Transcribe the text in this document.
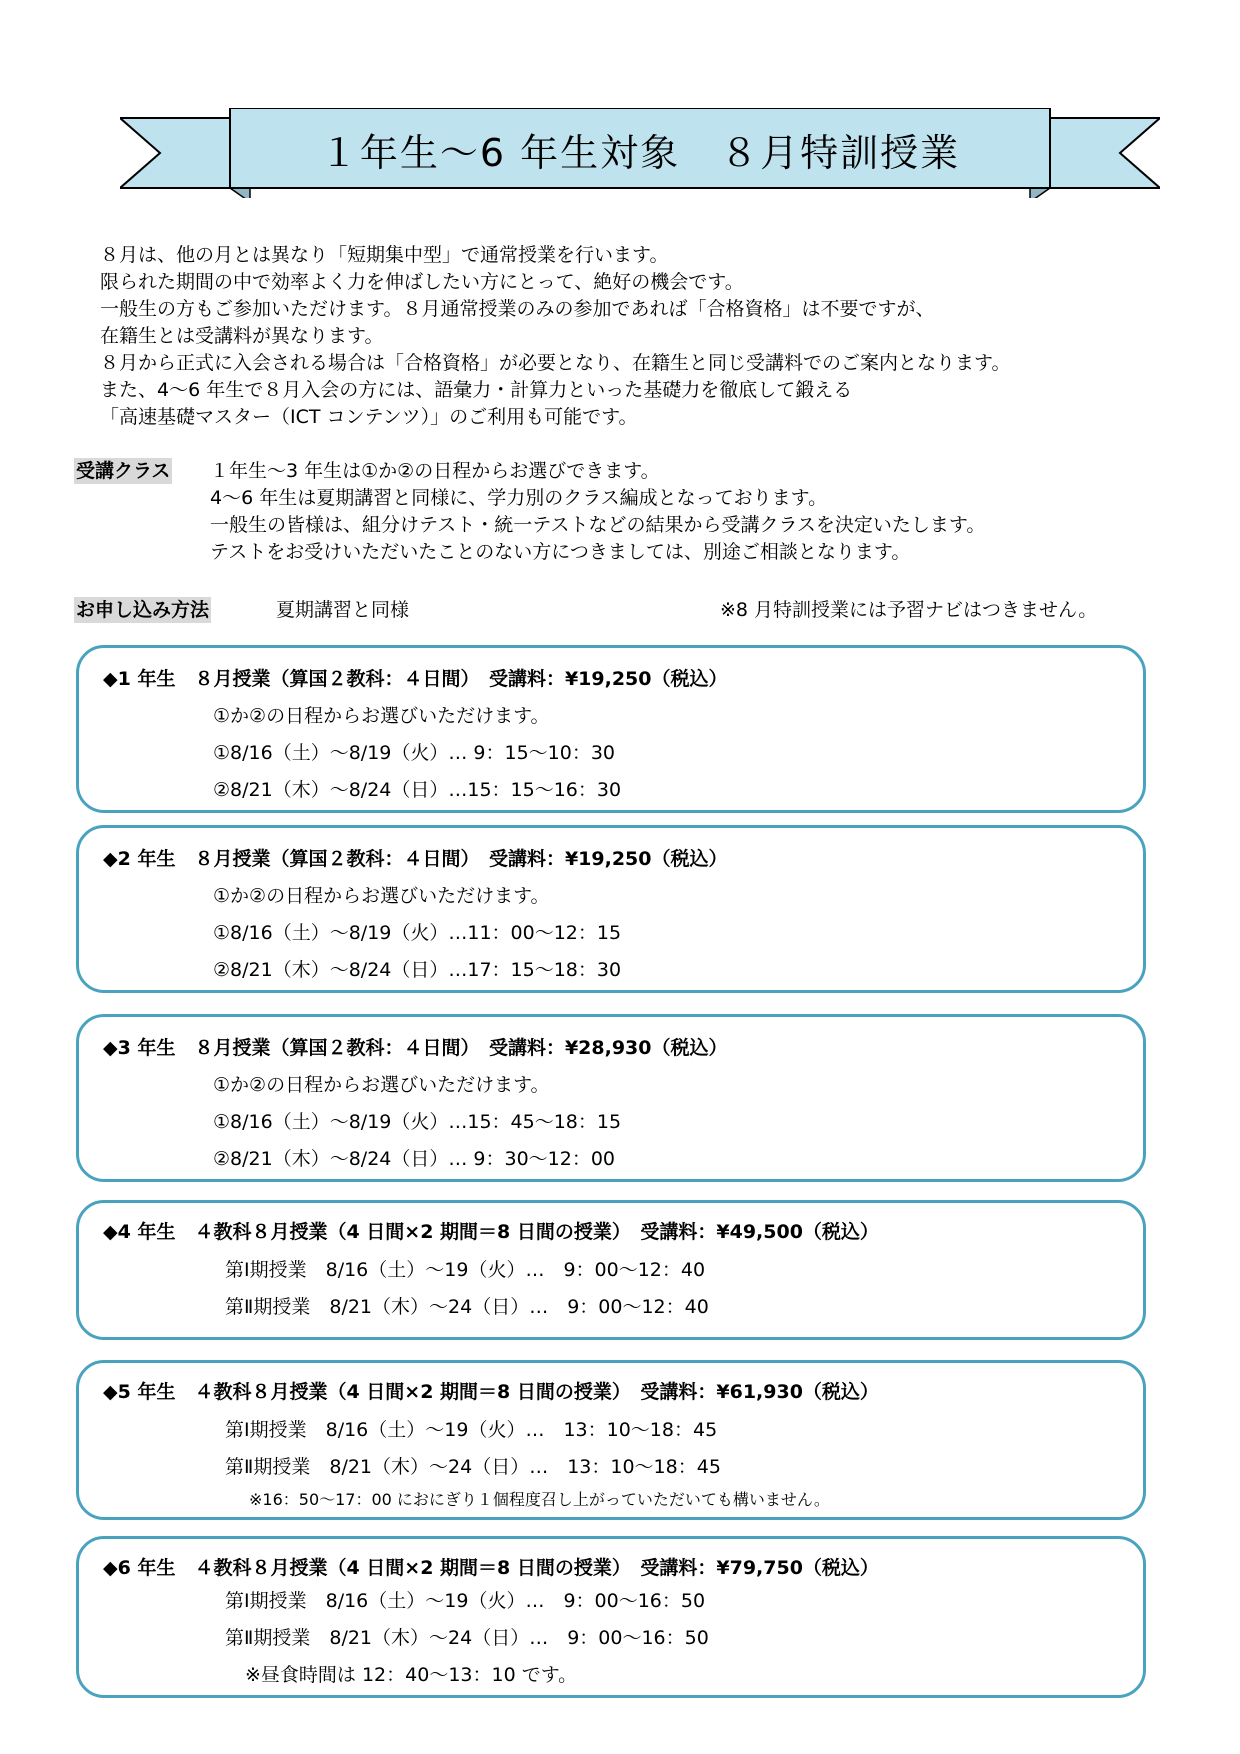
１年生～6 年生対象　８月特訓授業
８月は、他の月とは異なり「短期集中型」で通常授業を行います。
限られた期間の中で効率よく力を伸ばしたい方にとって、絶好の機会です。
一般生の方もご参加いただけます。８月通常授業のみの参加であれば「合格資格」は不要ですが、
在籍生とは受講料が異なります。
８月から正式に入会される場合は「合格資格」が必要となり、在籍生と同じ受講料でのご案内となります。
また、4～6 年生で８月入会の方には、語彙力・計算力といった基礎力を徹底して鍛える
「高速基礎マスター（ICT コンテンツ）」のご利用も可能です。
受講クラス １年生～3 年生は①か②の日程からお選びできます。
4～6 年生は夏期講習と同様に、学力別のクラス編成となっております。
一般生の皆様は、組分けテスト・統一テストなどの結果から受講クラスを決定いたします。
テストをお受けいただいたことのない方につきましては、別途ご相談となります。
お申し込み方法	夏期講習と同様	※8 月特訓授業には予習ナビはつきません。
◆1 年生　８月授業（算国２教科：４日間）　受講料：¥19,250（税込）
①か②の日程からお選びいただけます。
①8/16（土）～8/19（火）… 9：15～10：30
②8/21（木）～8/24（日）…15：15～16：30
◆2 年生　８月授業（算国２教科：４日間）　受講料：¥19,250（税込）
①か②の日程からお選びいただけます。
①8/16（土）～8/19（火）…11：00～12：15
②8/21（木）～8/24（日）…17：15～18：30
◆3 年生　８月授業（算国２教科：４日間）　受講料：¥28,930（税込）
①か②の日程からお選びいただけます。
①8/16（土）～8/19（火）…15：45～18：15
②8/21（木）～8/24（日）… 9：30～12：00
◆4 年生　４教科８月授業（4 日間×2 期間＝8 日間の授業）　受講料：¥49,500（税込）
第Ⅰ期授業　8/16（土）～19（火）…　9：00～12：40
第Ⅱ期授業　8/21（木）～24（日）…　9：00～12：40
◆5 年生　４教科８月授業（4 日間×2 期間＝8 日間の授業）　受講料：¥61,930（税込）
第Ⅰ期授業　8/16（土）～19（火）…　13：10～18：45
第Ⅱ期授業　8/21（木）～24（日）…　13：10～18：45
※16：50～17：00 におにぎり１個程度召し上がっていただいても構いません。
◆6 年生　４教科８月授業（4 日間×2 期間＝8 日間の授業）　受講料：¥79,750（税込）
第Ⅰ期授業　8/16（土）～19（火）…　9：00～16：50
第Ⅱ期授業　8/21（木）～24（日）…　9：00～16：50
※昼食時間は 12：40～13：10 です。
